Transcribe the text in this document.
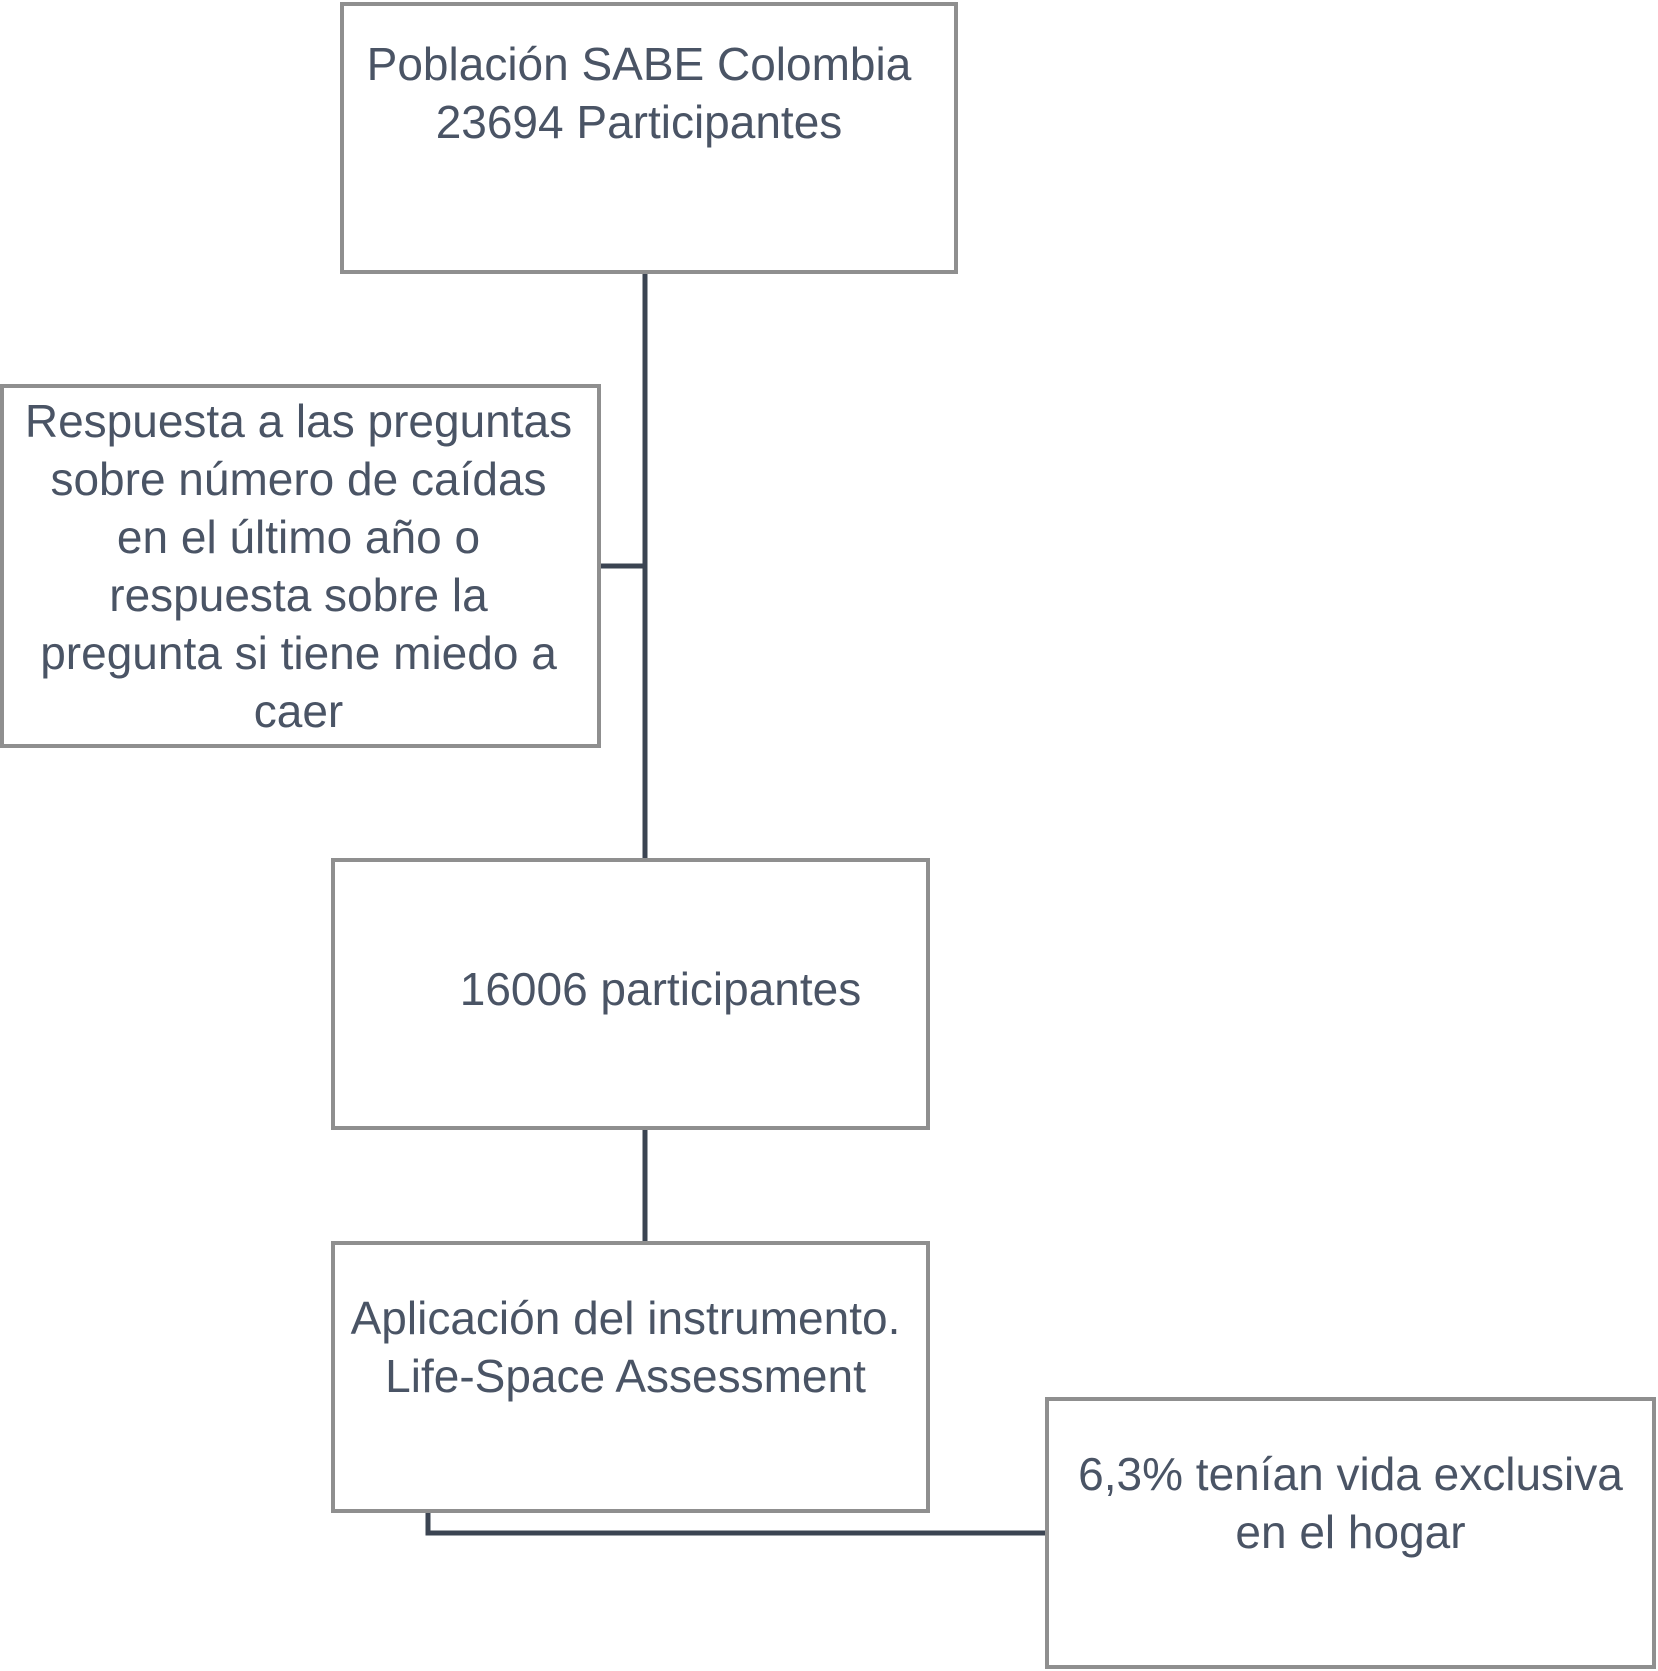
Población SABE Colombia
23694 Participantes
Respuesta a las preguntas
sobre número de caídas
en el último año o
respuesta sobre la
pregunta si tiene miedo a
caer
16006 participantes
Aplicación del instrumento.
Life-Space Assessment
6,3% tenían vida exclusiva
en el hogar
